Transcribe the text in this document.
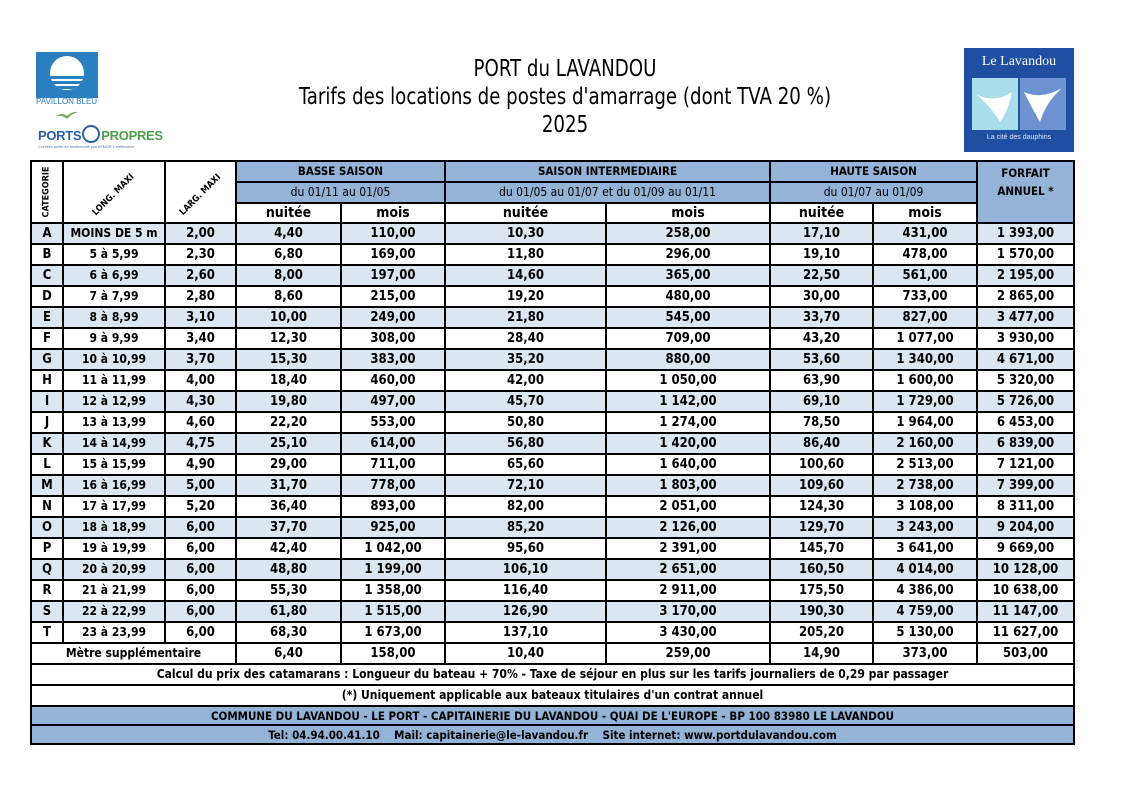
PAVILLON BLEU
PORTS PROPRES
Certifiés actifs en biodiversité par AFNOR Certification
Le Lavandou
La cité des dauphins
PORT du LAVANDOU
Tarifs des locations de postes d'amarrage (dont TVA 20 %)
2025
CATEGORIE	LONG. MAXI	LARG. MAXI	BASSE SAISON		SAISON INTERMEDIAIRE		HAUTE SAISON		FORFAIT
ANNUEL *

			du 01/11 au 01/05		du 01/05 au 01/07 et du 01/09 au 01/11		du 01/07 au 01/09		
			nuitée	mois	nuitée	mois	nuitée	mois	
A	MOINS DE 5 m	2,00	4,40	110,00	10,30	258,00	17,10	431,00	1 393,00
B	5 à 5,99	2,30	6,80	169,00	11,80	296,00	19,10	478,00	1 570,00
C	6 à 6,99	2,60	8,00	197,00	14,60	365,00	22,50	561,00	2 195,00
D	7 à 7,99	2,80	8,60	215,00	19,20	480,00	30,00	733,00	2 865,00
E	8 à 8,99	3,10	10,00	249,00	21,80	545,00	33,70	827,00	3 477,00
F	9 à 9,99	3,40	12,30	308,00	28,40	709,00	43,20	1 077,00	3 930,00
G	10 à 10,99	3,70	15,30	383,00	35,20	880,00	53,60	1 340,00	4 671,00
H	11 à 11,99	4,00	18,40	460,00	42,00	1 050,00	63,90	1 600,00	5 320,00
I	12 à 12,99	4,30	19,80	497,00	45,70	1 142,00	69,10	1 729,00	5 726,00
J	13 à 13,99	4,60	22,20	553,00	50,80	1 274,00	78,50	1 964,00	6 453,00
K	14 à 14,99	4,75	25,10	614,00	56,80	1 420,00	86,40	2 160,00	6 839,00
L	15 à 15,99	4,90	29,00	711,00	65,60	1 640,00	100,60	2 513,00	7 121,00
M	16 à 16,99	5,00	31,70	778,00	72,10	1 803,00	109,60	2 738,00	7 399,00
N	17 à 17,99	5,20	36,40	893,00	82,00	2 051,00	124,30	3 108,00	8 311,00
O	18 à 18,99	6,00	37,70	925,00	85,20	2 126,00	129,70	3 243,00	9 204,00
P	19 à 19,99	6,00	42,40	1 042,00	95,60	2 391,00	145,70	3 641,00	9 669,00
Q	20 à 20,99	6,00	48,80	1 199,00	106,10	2 651,00	160,50	4 014,00	10 128,00
R	21 à 21,99	6,00	55,30	1 358,00	116,40	2 911,00	175,50	4 386,00	10 638,00
S	22 à 22,99	6,00	61,80	1 515,00	126,90	3 170,00	190,30	4 759,00	11 147,00
T	23 à 23,99	6,00	68,30	1 673,00	137,10	3 430,00	205,20	5 130,00	11 627,00
Mètre supplémentaire			6,40	158,00	10,40	259,00	14,90	373,00	503,00
Calcul du prix des catamarans : Longueur du bateau + 70% - Taxe de séjour en plus sur les tarifs journaliers de 0,29 par passager									
(*) Uniquement applicable aux bateaux titulaires d'un contrat annuel									
COMMUNE DU LAVANDOU - LE PORT - CAPITAINERIE DU LAVANDOU - QUAI DE L'EUROPE - BP 100 83980 LE LAVANDOU									
Tel: 04.94.00.41.10    Mail: capitainerie@le-lavandou.fr    Site internet: www.portdulavandou.com									
